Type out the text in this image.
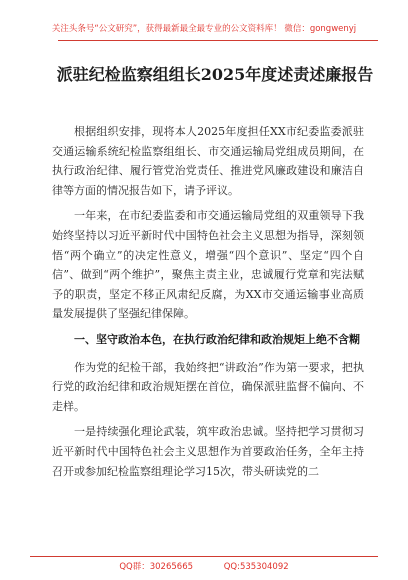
关注头条号“公文研究”，获得最新最全最专业的公文资料库！ 微信：gongwenyj
派驻纪检监察组组长2025年度述责述廉报告

根据组织安排，现将本人2025年度担任XX市纪委监委派驻交通运输系统纪检监察组组长、市交通运输局党组成员期间，在执行政治纪律、履行管党治党责任、推进党风廉政建设和廉洁自律等方面的情况报告如下，请予评议。

一年来，在市纪委监委和市交通运输局党组的双重领导下我始终坚持以习近平新时代中国特色社会主义思想为指导，深刻领悟“两个确立”的决定性意义，增强“四个意识”、坚定“四个自信”、做到“两个维护”，聚焦主责主业，忠诚履行党章和宪法赋予的职责，坚定不移正风肃纪反腐，为XX市交通运输事业高质量发展提供了坚强纪律保障。

一、坚守政治本色，在执行政治纪律和政治规矩上绝不含糊

作为党的纪检干部，我始终把“讲政治”作为第一要求，把执行党的政治纪律和政治规矩摆在首位，确保派驻监督不偏向、不走样。

一是持续强化理论武装，筑牢政治忠诚。坚持把学习贯彻习近平新时代中国特色社会主义思想作为首要政治任务，全年主持召开或参加纪检监察组理论学习15次，带头研读党的二

QQ群：30265665	QQ:535304092
